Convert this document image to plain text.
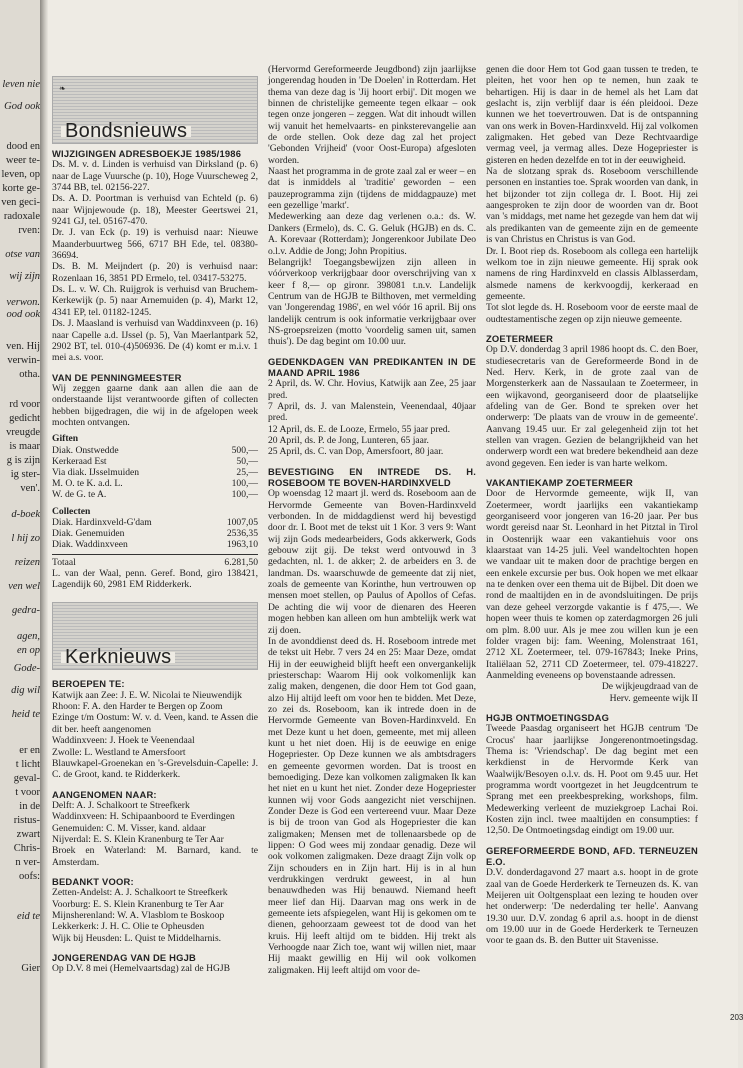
leven nie
God ook
dood en
weer te-
leven, op
korte ge-
ven geci-
radoxale
rven:
otse van
wij zijn
verwon.
ood ook
ven. Hij
verwin-
otha.
rd voor
gedicht
vreugde
is maar
g is zijn
ig ster-
ven'.
d-boek
l hij zo
reizen
ven wel
gedra-
agen,
en op
Gode-
dig wil
heid te
er en
t licht
geval-
t voor
in de
ristus-
zwart
Chris-
n ver-
oofs:
eid te
Gier
❧
Bondsnieuws
WIJZIGINGEN ADRESBOEKJE 1985/1986

Ds. M. v. d. Linden is verhuisd van Dirksland (p. 6) naar de Lage Vuursche (p. 10), Hoge Vuurscheweg 2, 3744 BB, tel. 02156-227.

Ds. A. D. Poortman is verhuisd van Echteld (p. 6) naar Wijnjewoude (p. 18), Meester Geertswei 21, 9241 GJ, tel. 05167-470.

Dr. J. van Eck (p. 19) is verhuisd naar: Nieuwe Maanderbuurtweg 566, 6717 BH Ede, tel. 08380-36694.

Ds. B. M. Meijndert (p. 20) is verhuisd naar: Rozenlaan 16, 3851 PD Ermelo, tel. 03417-53275.

Ds. L. v. W. Ch. Ruijgrok is verhuisd van Bruchem-Kerkewijk (p. 5) naar Arnemuiden (p. 4), Markt 12, 4341 EP, tel. 01182-1245.

Ds. J. Maasland is verhuisd van Waddinxveen (p. 16) naar Capelle a.d. IJssel (p. 5), Van Maerlantpark 52, 2902 BT, tel. 010-(4)506936. De (4) komt er m.i.v. 1 mei a.s. voor.

VAN DE PENNINGMEESTER

Wij zeggen gaarne dank aan allen die aan de onderstaande lijst verantwoorde giften of collecten hebben bijgedragen, die wij in de afgelopen week mochten ontvangen.

Giften
Diak. Onstwedde	500,—
Kerkeraad Est	50,—
Via diak. IJsselmuiden	25,—
M. O. te K. a.d. L.	100,—
W. de G. te A.	100,—
Collecten
Diak. Hardinxveld-G'dam	1007,05
Diak. Genemuiden	2536,35
Diak. Waddinxveen	1963,10
Totaal	6.281,50

L. van der Waal, penn. Geref. Bond, giro 138421, Lagendijk 60, 2981 EM Ridderkerk.

Kerknieuws
BEROEPEN TE:

Katwijk aan Zee: J. E. W. Nicolai te Nieuwendijk

Rhoon: F. A. den Harder te Bergen op Zoom

Ezinge t/m Oostum: W. v. d. Veen, kand. te Assen die dit ber. heeft aangenomen

Waddinxveen: J. Hoek te Veenendaal

Zwolle: L. Westland te Amersfoort

Blauwkapel-Groenekan en 's-Grevelsduin-Capelle: J. C. de Groot, kand. te Ridderkerk.

AANGENOMEN NAAR:

Delft: A. J. Schalkoort te Streefkerk

Waddinxveen: H. Schipaanboord te Everdingen

Genemuiden: C. M. Visser, kand. aldaar

Nijverdal: E. S. Klein Kranenburg te Ter Aar

Broek en Waterland: M. Barnard, kand. te Amsterdam.

BEDANKT VOOR:

Zetten-Andelst: A. J. Schalkoort te Streefkerk

Voorburg: E. S. Klein Kranenburg te Ter Aar

Mijnsherenland: W. A. Vlasblom te Boskoop

Lekkerkerk: J. H. C. Olie te Opheusden

Wijk bij Heusden: L. Quist te Middelharnis.

JONGERENDAG VAN DE HGJB

Op D.V. 8 mei (Hemelvaartsdag) zal de HGJB

(Hervormd Gereformeerde Jeugdbond) zijn jaarlijkse jongerendag houden in 'De Doelen' in Rotterdam. Het thema van deze dag is 'Jij hoort erbij'. Dit mogen we binnen de christelijke gemeente tegen elkaar – ook tegen onze jongeren – zeggen. Wat dit inhoudt willen wij vanuit het hemelvaarts- en pinksterevangelie aan de orde stellen. Ook deze dag zal het project 'Gebonden Vrijheid' (voor Oost-Europa) afgesloten worden.

Naast het programma in de grote zaal zal er weer – en dat is inmiddels al 'traditie' geworden – een pauzeprogramma zijn (tijdens de middagpauze) met een gezellige 'markt'.

Medewerking aan deze dag verlenen o.a.: ds. W. Dankers (Ermelo), ds. C. G. Geluk (HGJB) en ds. C. A. Korevaar (Rotterdam); Jongerenkoor Jubilate Deo o.l.v. Addie de Jong; John Propitius.

Belangrijk! Toegangsbewijzen zijn alleen in vóórverkoop verkrijgbaar door overschrijving van x keer f 8,— op gironr. 398081 t.n.v. Landelijk Centrum van de HGJB te Bilthoven, met vermelding van 'Jongerendag 1986', en wel vóór 16 april. Bij ons landelijk centrum is ook informatie verkrijgbaar over NS-groepsreizen (motto 'voordelig samen uit, samen thuis'). De dag begint om 10.00 uur.

GEDENKDAGEN VAN PREDIKANTEN IN DE MAAND APRIL 1986

2 April, ds. W. Chr. Hovius, Katwijk aan Zee, 25 jaar pred.

7 April, ds. J. van Malenstein, Veenendaal, 40jaar pred.

12 April, ds. E. de Looze, Ermelo, 55 jaar pred.

20 April, ds. P. de Jong, Lunteren, 65 jaar.

25 April, ds. C. van Dop, Amersfoort, 80 jaar.

BEVESTIGING EN INTREDE DS. H. ROSEBOOM TE BOVEN-HARDINXVELD

Op woensdag 12 maart jl. werd ds. Roseboom aan de Hervormde Gemeente van Boven-Hardinxveld verbonden. In de middagdienst werd hij bevestigd door dr. I. Boot met de tekst uit 1 Kor. 3 vers 9: Want wij zijn Gods medearbeiders, Gods akkerwerk, Gods gebouw zijt gij. De tekst werd ontvouwd in 3 gedachten, nl. 1. de akker; 2. de arbeiders en 3. de landman. Ds. waarschuwde de gemeente dat zij niet, zoals de gemeente van Korinthe, hun vertrouwen op mensen moet stellen, op Paulus of Apollos of Cefas. De achting die wij voor de dienaren des Heeren mogen hebben kan alleen om hun ambtelijk werk wat zij doen.

In de avonddienst deed ds. H. Roseboom intrede met de tekst uit Hebr. 7 vers 24 en 25: Maar Deze, omdat Hij in der eeuwigheid blijft heeft een onvergankelijk priesterschap: Waarom Hij ook volkomenlijk kan zalig maken, dengenen, die door Hem tot God gaan, alzo Hij altijd leeft om voor hen te bidden. Met Deze, zo zei ds. Roseboom, kan ik intrede doen in de Hervormde Gemeente van Boven-Hardinxveld. En met Deze kunt u het doen, gemeente, met mij alleen kunt u het niet doen. Hij is de eeuwige en enige Hogepriester. Op Deze kunnen we als ambtsdragers en gemeente gevormen worden. Dat is troost en bemoediging. Deze kan volkomen zaligmaken Ik kan het niet en u kunt het niet. Zonder deze Hogepriester kunnen wij voor Gods aangezicht niet verschijnen. Zonder Deze is God een vertereend vuur. Maar Deze is bij de troon van God als Hogepriester die kan zaligmaken; Mensen met de tollenaarsbede op de lippen: O God wees mij zondaar genadig. Deze wil ook volkomen zaligmaken. Deze draagt Zijn volk op Zijn schouders en in Zijn hart. Hij is in al hun verdrukkingen verdrukt geweest, in al hun benauwdheden was Hij benauwd. Niemand heeft meer lief dan Hij. Daarvan mag ons werk in de gemeente iets afspiegelen, want Hij is gekomen om te dienen, gehoorzaam geweest tot de dood van het kruis. Hij leeft altijd om te bidden. Hij trekt als Verhoogde naar Zich toe, want wij willen niet, maar Hij maakt gewillig en Hij wil ook volkomen zaligmaken. Hij leeft altijd om voor de-

genen die door Hem tot God gaan tussen te treden, te pleiten, het voor hen op te nemen, hun zaak te behartigen. Hij is daar in de hemel als het Lam dat geslacht is, zijn verblijf daar is één pleidooi. Deze kunnen we het toevertrouwen. Dat is de ontspanning van ons werk in Boven-Hardinxveld. Hij zal volkomen zaligmaken. Het gebed van Deze Rechtvaardige vermag veel, ja vermag alles. Deze Hogepriester is gisteren en heden dezelfde en tot in der eeuwigheid.

Na de slotzang sprak ds. Roseboom verschillende personen en instanties toe. Sprak woorden van dank, in het bijzonder tot zijn collega dr. I. Boot. Hij zei aangesproken te zijn door de woorden van dr. Boot van 's middags, met name het gezegde van hem dat wij als predikanten van de gemeente zijn en de gemeente is van Christus en Christus is van God.

Dr. I. Boot riep ds. Roseboom als collega een hartelijk welkom toe in zijn nieuwe gemeente. Hij sprak ook namens de ring Hardinxveld en classis Alblasserdam, alsmede namens de kerkvoogdij, kerkeraad en gemeente.

Tot slot legde ds. H. Roseboom voor de eerste maal de oudtestamentische zegen op zijn nieuwe gemeente.

ZOETERMEER

Op D.V. donderdag 3 april 1986 hoopt ds. C. den Boer, studiesecretaris van de Gereformeerde Bond in de Ned. Herv. Kerk, in de grote zaal van de Morgensterkerk aan de Nassaulaan te Zoetermeer, in een wijkavond, georganiseerd door de plaatselijke afdeling van de Ger. Bond te spreken over het onderwerp: 'De plaats van de vrouw in de gemeente'. Aanvang 19.45 uur. Er zal gelegenheid zijn tot het stellen van vragen. Gezien de belangrijkheid van het onderwerp wordt een wat bredere bekendheid aan deze avond gegeven. Een ieder is van harte welkom.

VAKANTIEKAMP ZOETERMEER

Door de Hervormde gemeente, wijk II, van Zoetermeer, wordt jaarlijks een vakantiekamp georganiseerd voor jongeren van 16-20 jaar. Per bus wordt gereisd naar St. Leonhard in het Pitztal in Tirol in Oostenrijk waar een vakantiehuis voor ons klaarstaat van 14-25 juli. Veel wandeltochten hopen we vandaar uit te maken door de prachtige bergen en een enkele excursie per bus. Ook hopen we met elkaar na te denken over een thema uit de Bijbel. Dit doen we rond de maaltijden en in de avondsluitingen. De prijs van deze geheel verzorgde vakantie is f 475,—. We hopen weer thuis te komen op zaterdagmorgen 26 juli om plm. 8.00 uur. Als je mee zou willen kun je een folder vragen bij: fam. Weening, Molenstraat 161, 2712 XL Zoetermeer, tel. 079-167843; Ineke Prins, Italiëlaan 52, 2711 CD Zoetermeer, tel. 079-418227. Aanmelding eveneens op bovenstaande adressen.

De wijkjeugdraad van de

Herv. gemeente wijk II

HGJB ONTMOETINGSDAG

Tweede Paasdag organiseert het HGJB centrum 'De Crocus' haar jaarlijkse Jongerenontmoetingsdag. Thema is: 'Vriendschap'. De dag begint met een kerkdienst in de Hervormde Kerk van Waalwijk/Besoyen o.l.v. ds. H. Poot om 9.45 uur. Het programma wordt voortgezet in het Jeugdcentrum te Sprang met een preekbespreking, workshops, film. Medewerking verleent de muziekgroep Lachai Roi. Kosten zijn incl. twee maaltijden en consumpties: f 12,50. De Ontmoetingsdag eindigt om 19.00 uur.

GEREFORMEERDE BOND, AFD. TERNEUZEN E.O.

D.V. donderdagavond 27 maart a.s. hoopt in de grote zaal van de Goede Herderkerk te Terneuzen ds. K. van Meijeren uit Ooltgensplaat een lezing te houden over het onderwerp: 'De nederdaling ter helle'. Aanvang 19.30 uur. D.V. zondag 6 april a.s. hoopt in de dienst om 19.00 uur in de Goede Herderkerk te Terneuzen voor te gaan ds. B. den Butter uit Stavenisse.

203
